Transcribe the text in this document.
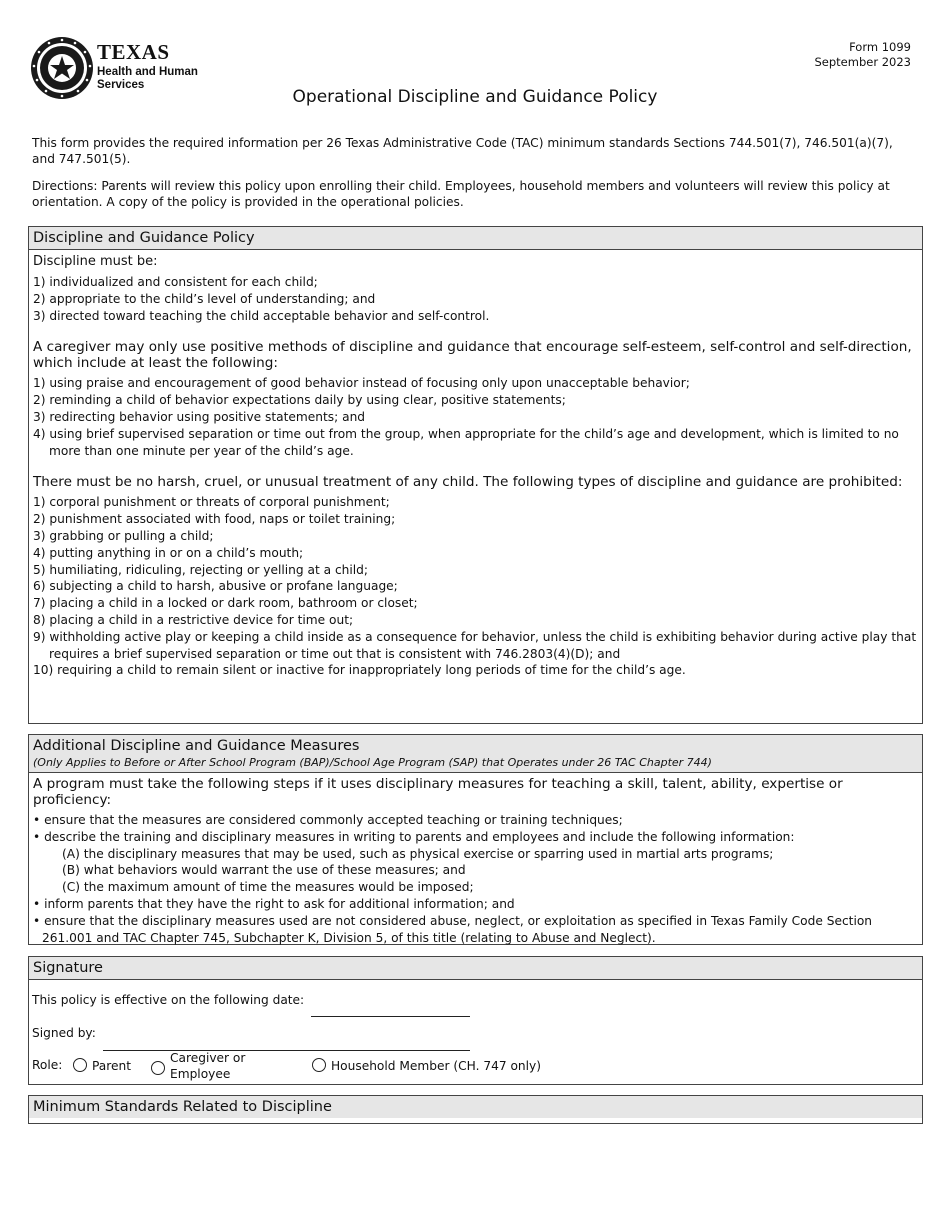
TEXAS
Health and Human
Services
Form 1099
September 2023
Operational Discipline and Guidance Policy
This form provides the required information per 26 Texas Administrative Code (TAC) minimum standards Sections 744.501(7), 746.501(a)(7), and 747.501(5).
Directions: Parents will review this policy upon enrolling their child. Employees, household members and volunteers will review this policy at orientation. A copy of the policy is provided in the operational policies.
Discipline and Guidance Policy
Discipline must be:
1) individualized and consistent for each child;
2) appropriate to the child’s level of understanding; and
3) directed toward teaching the child acceptable behavior and self-control.
A caregiver may only use positive methods of discipline and guidance that encourage self-esteem, self-control and self-direction, which include at least the following:
1) using praise and encouragement of good behavior instead of focusing only upon unacceptable behavior;
2) reminding a child of behavior expectations daily by using clear, positive statements;
3) redirecting behavior using positive statements; and
4) using brief supervised separation or time out from the group, when appropriate for the child’s age and development, which is limited to no more than one minute per year of the child’s age.
There must be no harsh, cruel, or unusual treatment of any child. The following types of discipline and guidance are prohibited:
1) corporal punishment or threats of corporal punishment;
2) punishment associated with food, naps or toilet training;
3) grabbing or pulling a child;
4) putting anything in or on a child’s mouth;
5) humiliating, ridiculing, rejecting or yelling at a child;
6) subjecting a child to harsh, abusive or profane language;
7) placing a child in a locked or dark room, bathroom or closet;
8) placing a child in a restrictive device for time out;
9) withholding active play or keeping a child inside as a consequence for behavior, unless the child is exhibiting behavior during active play that requires a brief supervised separation or time out that is consistent with 746.2803(4)(D); and
10) requiring a child to remain silent or inactive for inappropriately long periods of time for the child’s age.
Additional Discipline and Guidance Measures
(Only Applies to Before or After School Program (BAP)/School Age Program (SAP) that Operates under 26 TAC Chapter 744)
A program must take the following steps if it uses disciplinary measures for teaching a skill, talent, ability, expertise or proficiency:
• ensure that the measures are considered commonly accepted teaching or training techniques;
• describe the training and disciplinary measures in writing to parents and employees and include the following information:
(A) the disciplinary measures that may be used, such as physical exercise or sparring used in martial arts programs;
(B) what behaviors would warrant the use of these measures; and
(C) the maximum amount of time the measures would be imposed;
• inform parents that they have the right to ask for additional information; and
• ensure that the disciplinary measures used are not considered abuse, neglect, or exploitation as specified in Texas Family Code Section 261.001 and TAC Chapter 745, Subchapter K, Division 5, of this title (relating to Abuse and Neglect).
Signature
This policy is effective on the following date:
Signed by:
Role:	Parent
Caregiver or Employee
Household Member (CH. 747 only)
Minimum Standards Related to Discipline
